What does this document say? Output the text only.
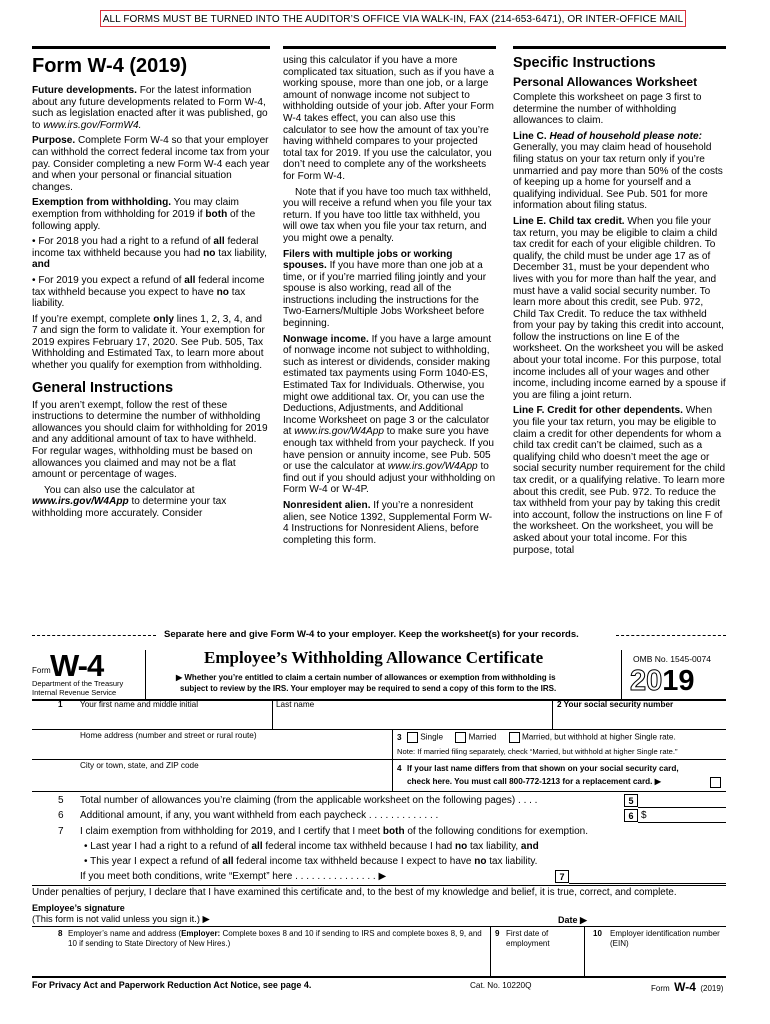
ALL FORMS MUST BE TURNED INTO THE AUDITOR’S OFFICE VIA WALK-IN, FAX (214-653-6471), OR INTER-OFFICE MAIL
Form W-4 (2019)

Future developments. For the latest information about any future developments related to Form W-4, such as legislation enacted after it was published, go to www.irs.gov/FormW4.

Purpose. Complete Form W-4 so that your employer can withhold the correct federal income tax from your pay. Consider completing a new Form W-4 each year and when your personal or financial situation changes.

Exemption from withholding. You may claim exemption from withholding for 2019 if both of the following apply.

• For 2018 you had a right to a refund of all federal income tax withheld because you had no tax liability, and

• For 2019 you expect a refund of all federal income tax withheld because you expect to have no tax liability.

If you’re exempt, complete only lines 1, 2, 3, 4, and 7 and sign the form to validate it. Your exemption for 2019 expires February 17, 2020. See Pub. 505, Tax Withholding and Estimated Tax, to learn more about whether you qualify for exemption from withholding.

General Instructions

If you aren’t exempt, follow the rest of these instructions to determine the number of withholding allowances you should claim for withholding for 2019 and any additional amount of tax to have withheld. For regular wages, withholding must be based on allowances you claimed and may not be a flat amount or percentage of wages.

You can also use the calculator at www.irs.gov/W4App to determine your tax withholding more accurately. Consider

using this calculator if you have a more complicated tax situation, such as if you have a working spouse, more than one job, or a large amount of nonwage income not subject to withholding outside of your job. After your Form W-4 takes effect, you can also use this calculator to see how the amount of tax you’re having withheld compares to your projected total tax for 2019. If you use the calculator, you don’t need to complete any of the worksheets for Form W-4.

Note that if you have too much tax withheld, you will receive a refund when you file your tax return. If you have too little tax withheld, you will owe tax when you file your tax return, and you might owe a penalty.

Filers with multiple jobs or working spouses. If you have more than one job at a time, or if you’re married filing jointly and your spouse is also working, read all of the instructions including the instructions for the Two-Earners/Multiple Jobs Worksheet before beginning.

Nonwage income. If you have a large amount of nonwage income not subject to withholding, such as interest or dividends, consider making estimated tax payments using Form 1040-ES, Estimated Tax for Individuals. Otherwise, you might owe additional tax. Or, you can use the Deductions, Adjustments, and Additional Income Worksheet on page 3 or the calculator at www.irs.gov/W4App to make sure you have enough tax withheld from your paycheck. If you have pension or annuity income, see Pub. 505 or use the calculator at www.irs.gov/W4App to find out if you should adjust your withholding on Form W-4 or W-4P.

Nonresident alien. If you’re a nonresident alien, see Notice 1392, Supplemental Form W-4 Instructions for Nonresident Aliens, before completing this form.

Specific Instructions
Personal Allowances Worksheet

Complete this worksheet on page 3 first to determine the number of withholding allowances to claim.

Line C. Head of household please note: Generally, you may claim head of household filing status on your tax return only if you’re unmarried and pay more than 50% of the costs of keeping up a home for yourself and a qualifying individual. See Pub. 501 for more information about filing status.

Line E. Child tax credit. When you file your tax return, you may be eligible to claim a child tax credit for each of your eligible children. To qualify, the child must be under age 17 as of December 31, must be your dependent who lives with you for more than half the year, and must have a valid social security number. To learn more about this credit, see Pub. 972, Child Tax Credit. To reduce the tax withheld from your pay by taking this credit into account, follow the instructions on line E of the worksheet. On the worksheet you will be asked about your total income. For this purpose, total income includes all of your wages and other income, including income earned by a spouse if you are filing a joint return.

Line F. Credit for other dependents. When you file your tax return, you may be eligible to claim a credit for other dependents for whom a child tax credit can’t be claimed, such as a qualifying child who doesn’t meet the age or social security number requirement for the child tax credit, or a qualifying relative. To learn more about this credit, see Pub. 972. To reduce the tax withheld from your pay by taking this credit into account, follow the instructions on line F of the worksheet. On the worksheet, you will be asked about your total income. For this purpose, total

Separate here and give Form W-4 to your employer. Keep the worksheet(s) for your records.
Form W-4
Department of the Treasury
Internal Revenue Service
Employee’s Withholding Allowance Certificate
▶ Whether you’re entitled to claim a certain number of allowances or exemption from withholding is
subject to review by the IRS. Your employer may be required to send a copy of this form to the IRS.
OMB No. 1545-0074
2019
1 Your first name and middle initial	Last name	2 Your social security number
Home address (number and street or rural route)	3	Single	Married	Married, but withhold at higher Single rate.
Note: If married filing separately, check “Married, but withhold at higher Single rate.”
City or town, state, and ZIP code	4 If your last name differs from that shown on your social security card,
check here. You must call 800-772-1213 for a replacement card. ▶
5 Total number of allowances you’re claiming (from the applicable worksheet on the following pages) . . . .	5
6 Additional amount, if any, you want withheld from each paycheck . . . . . . . . . . . . .	6 $
7 I claim exemption from withholding for 2019, and I certify that I meet both of the following conditions for exemption.
• Last year I had a right to a refund of all federal income tax withheld because I had no tax liability, and
• This year I expect a refund of all federal income tax withheld because I expect to have no tax liability.
If you meet both conditions, write “Exempt” here . . . . . . . . . . . . . . . ▶	7
Under penalties of perjury, I declare that I have examined this certificate and, to the best of my knowledge and belief, it is true, correct, and complete.
Employee’s signature
(This form is not valid unless you sign it.) ▶	Date ▶
8 Employer’s name and address (Employer: Complete boxes 8 and 10 if sending to IRS and complete boxes 8, 9, and 10 if sending to State Directory of New Hires.)
9 First date of employment
10 Employer identification number (EIN)
For Privacy Act and Paperwork Reduction Act Notice, see page 4.	Cat. No. 10220Q	Form W-4 (2019)
